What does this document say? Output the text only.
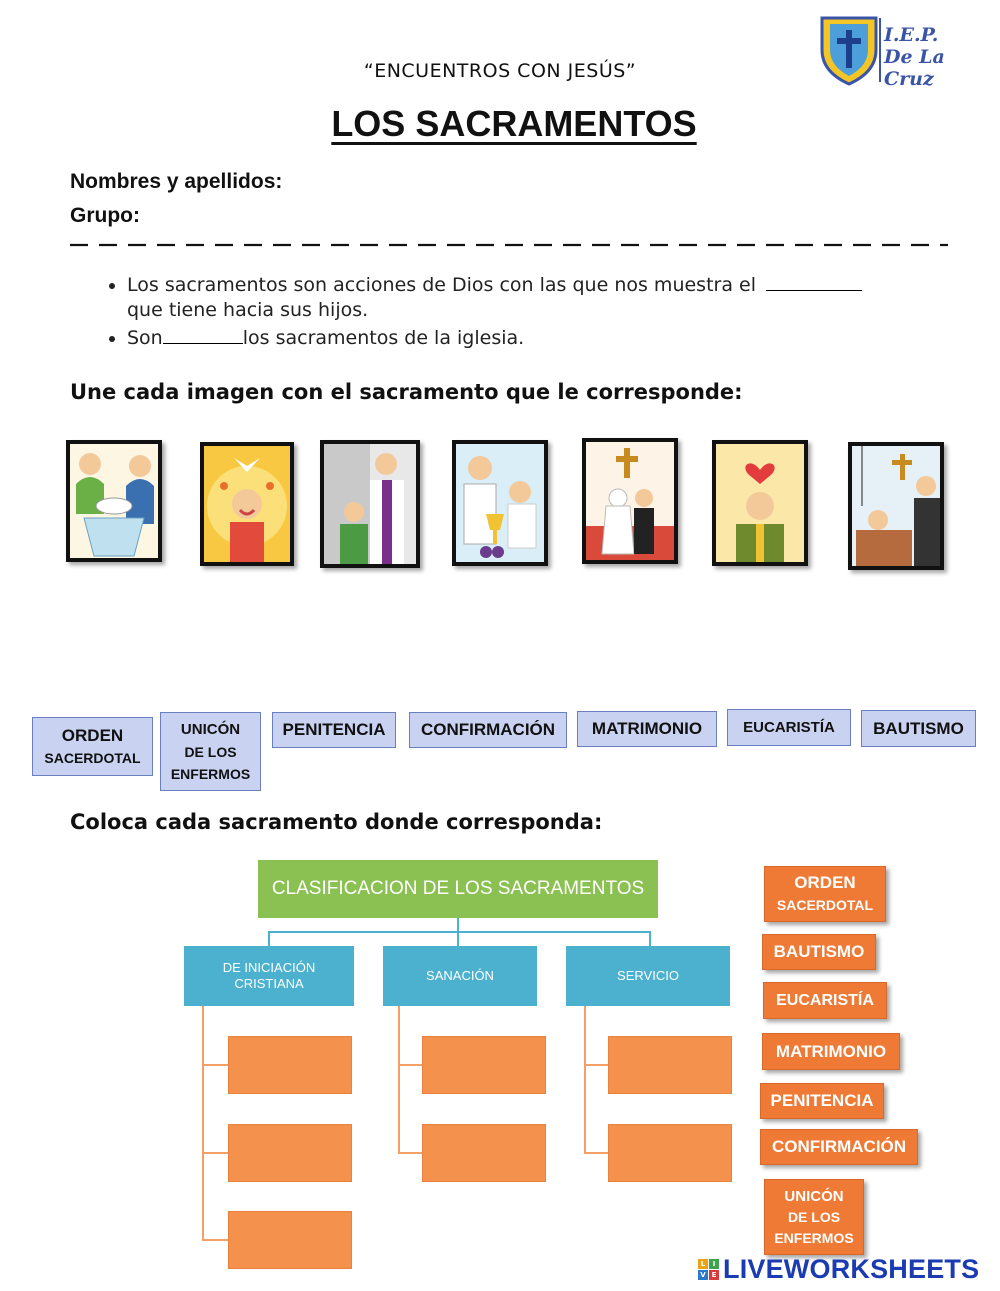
“ENCUENTROS CON JESÚS”
LOS SACRAMENTOS
I.E.P.
De La Cruz
Nombres y apellidos:
Grupo:
• Los sacramentos son acciones de Dios con las que nos muestra el
que tiene hacia sus hijos.
• Son	los sacramentos de la iglesia.
Une cada imagen con el sacramento que le corresponde:
ORDEN
SACERDOTAL
UNICÓN
DE LOS
ENFERMOS
PENITENCIA CONFIRMACIÓN MATRIMONIO	EUCARISTÍA BAUTISMO
Coloca cada sacramento donde corresponda:
CLASIFICACION DE LOS SACRAMENTOS
DE INICIACIÓN
CRISTIANA
SANACIÓN	SERVICIO
ORDEN
SACERDOTAL
BAUTISMO
EUCARISTÍA
MATRIMONIO
PENITENCIA
CONFIRMACIÓN
UNICÓN
DE LOS
ENFERMOS
L	I
V E LIVEWORKSHEETS
